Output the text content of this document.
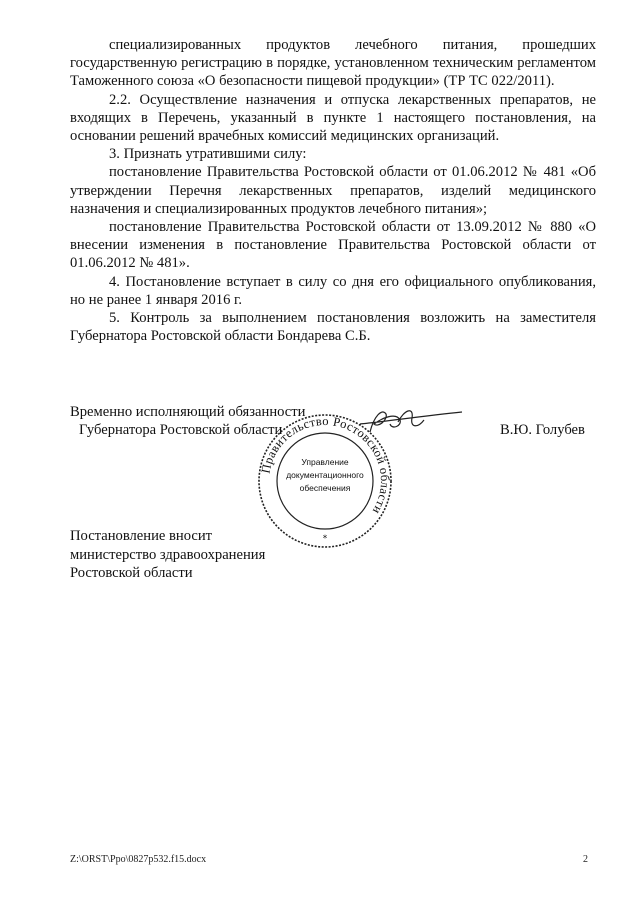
специализированных продуктов лечебного питания, прошедших государственную регистрацию в порядке, установленном техническим регламентом Таможенного союза «О безопасности пищевой продукции» (ТР ТС 022/2011).

2.2. Осуществление назначения и отпуска лекарственных препаратов, не входящих в Перечень, указанный в пункте 1 настоящего постановления, на основании решений врачебных комиссий медицинских организаций.

3. Признать утратившими силу:

постановление Правительства Ростовской области от 01.06.2012 № 481 «Об утверждении Перечня лекарственных препаратов, изделий медицинского назначения и специализированных продуктов лечебного питания»;

постановление Правительства Ростовской области от 13.09.2012 № 880 «О внесении изменения в постановление Правительства Ростовской области от 01.06.2012 № 481».

4. Постановление вступает в силу со дня его официального опубликования, но не ранее 1 января 2016 г.

5. Контроль за выполнением постановления возложить на заместителя Губернатора Ростовской области Бондарева С.Б.

Временно исполняющий обязанности
Губернатора Ростовской области	В.Ю. Голубев
Правительство Ростовской области
Управление
документационного
обеспечения
*
Постановление вносит
министерство здравоохранения
Ростовской области
Z:\ORST\Ppo\0827p532.f15.docx	2
